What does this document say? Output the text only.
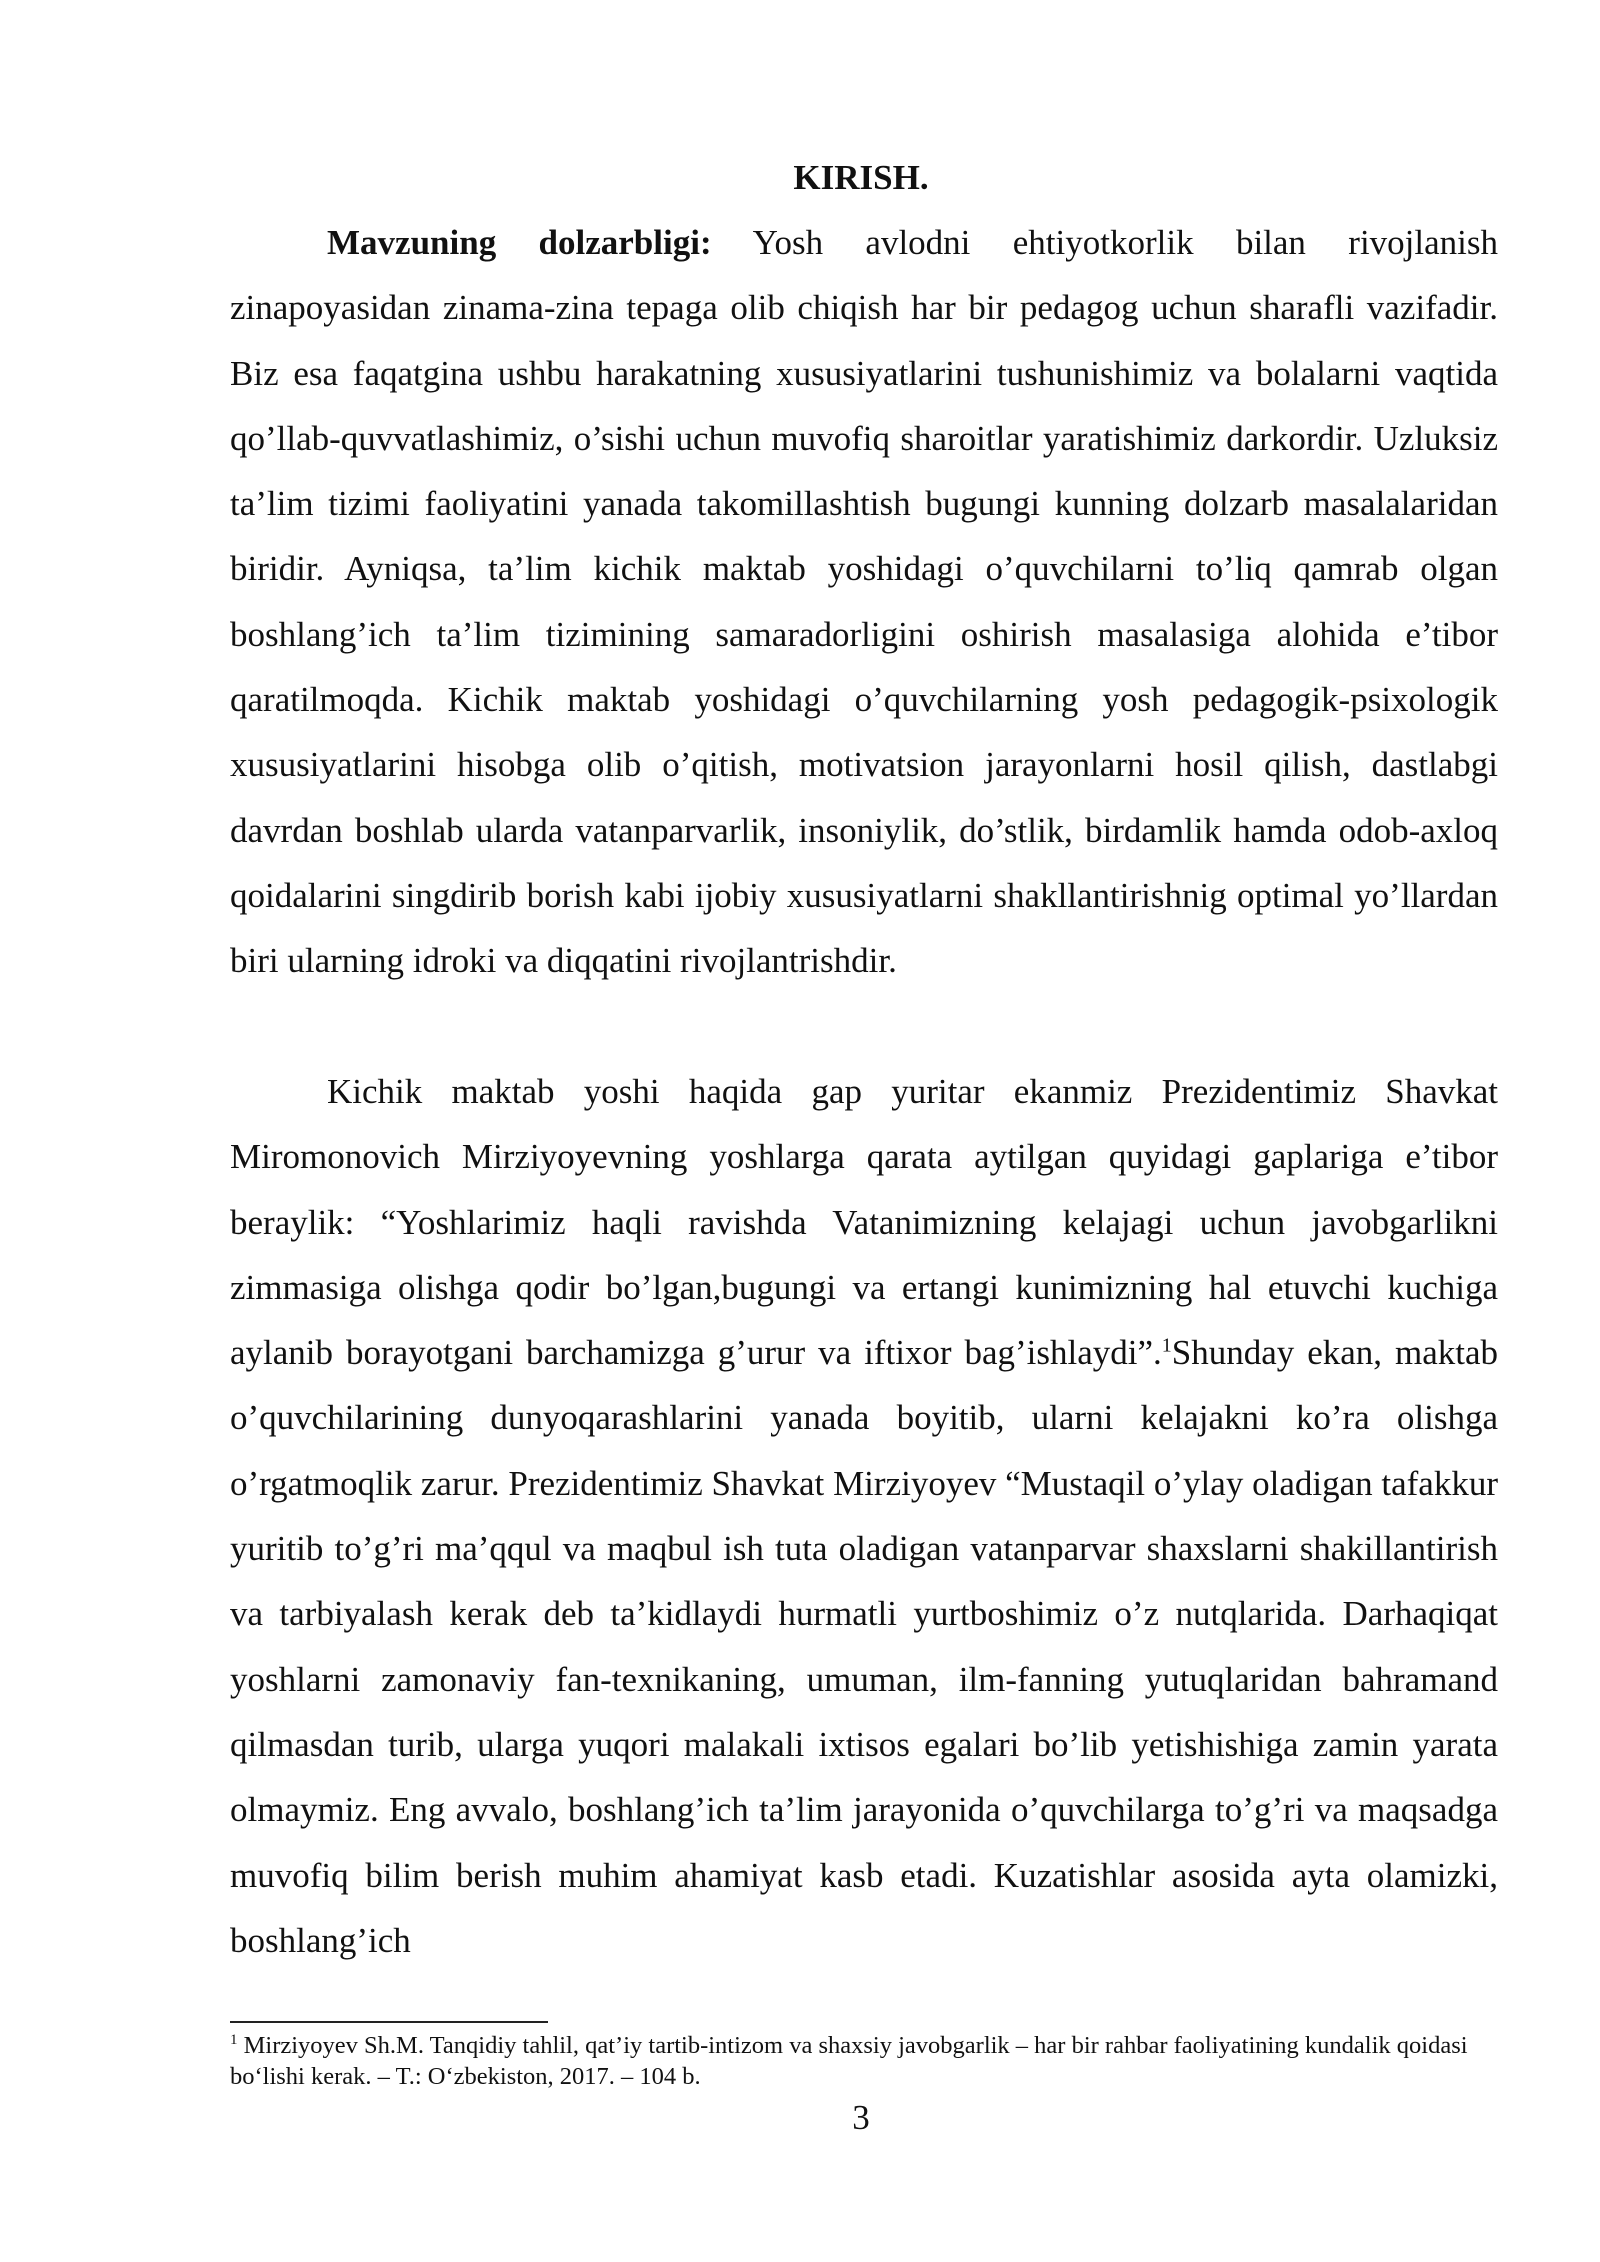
KIRISH.

Mavzuning dolzarbligi: Yosh avlodni ehtiyotkorlik bilan rivojlanish zinapoyasidan zinama-zina tepaga olib chiqish har bir pedagog uchun sharafli vazifadir. Biz esa faqatgina ushbu harakatning xususiyatlarini tushunishimiz va bolalarni vaqtida qo’llab-quvvatlashimiz, o’sishi uchun muvofiq sharoitlar yaratishimiz darkordir. Uzluksiz ta’lim tizimi faoliyatini yanada takomillashtish bugungi kunning dolzarb masalalaridan biridir. Ayniqsa, ta’lim kichik maktab yoshidagi o’quvchilarni to’liq qamrab olgan boshlang’ich ta’lim tizimining samaradorligini oshirish masalasiga alohida e’tibor qaratilmoqda. Kichik maktab yoshidagi o’quvchilarning yosh pedagogik-psixologik xususiyatlarini hisobga olib o’qitish, motivatsion jarayonlarni hosil qilish, dastlabgi davrdan boshlab ularda vatanparvarlik, insoniylik, do’stlik, birdamlik hamda odob-axloq qoidalarini singdirib borish kabi ijobiy xususiyatlarni shakllantirishnig optimal yo’llardan biri ularning idroki va diqqatini rivojlantrishdir.

Kichik maktab yoshi haqida gap yuritar ekanmiz Prezidentimiz Shavkat Miromonovich Mirziyoyevning yoshlarga qarata aytilgan quyidagi gaplariga e’tibor beraylik: “Yoshlarimiz haqli ravishda Vatanimizning kelajagi uchun javobgarlikni zimmasiga olishga qodir bo’lgan,bugungi va ertangi kunimizning hal etuvchi kuchiga aylanib borayotgani barchamizga g’urur va iftixor bag’ishlaydi”.$^1$Shunday ekan, maktab o’quvchilarining dunyoqarashlarini yanada boyitib, ularni kelajakni ko’ra olishga o’rgatmoqlik zarur. Prezidentimiz Shavkat Mirziyoyev “Mustaqil o’ylay oladigan tafakkur yuritib to’g’ri ma’qqul va maqbul ish tuta oladigan vatanparvar shaxslarni shakillantirish va tarbiyalash kerak deb ta’kidlaydi hurmatli yurtboshimiz o’z nutqlarida. Darhaqiqat yoshlarni zamonaviy fan-texnikaning, umuman, ilm-fanning yutuqlaridan bahramand qilmasdan turib, ularga yuqori malakali ixtisos egalari bo’lib yetishishiga zamin yarata olmaymiz. Eng avvalo, boshlang’ich ta’lim jarayonida o’quvchilarga to’g’ri va maqsadga muvofiq bilim berish muhim ahamiyat kasb etadi. Kuzatishlar asosida ayta olamizki, boshlang’ich

$^1$ Mirziyoyev Sh.M. Tanqidiy tahlil, qat’iy tartib-intizom va shaxsiy javobgarlik – har bir rahbar faoliyatining kundalik qoidasi bo‘lishi kerak. – T.: O‘zbekiston, 2017. – 104 b.

3
